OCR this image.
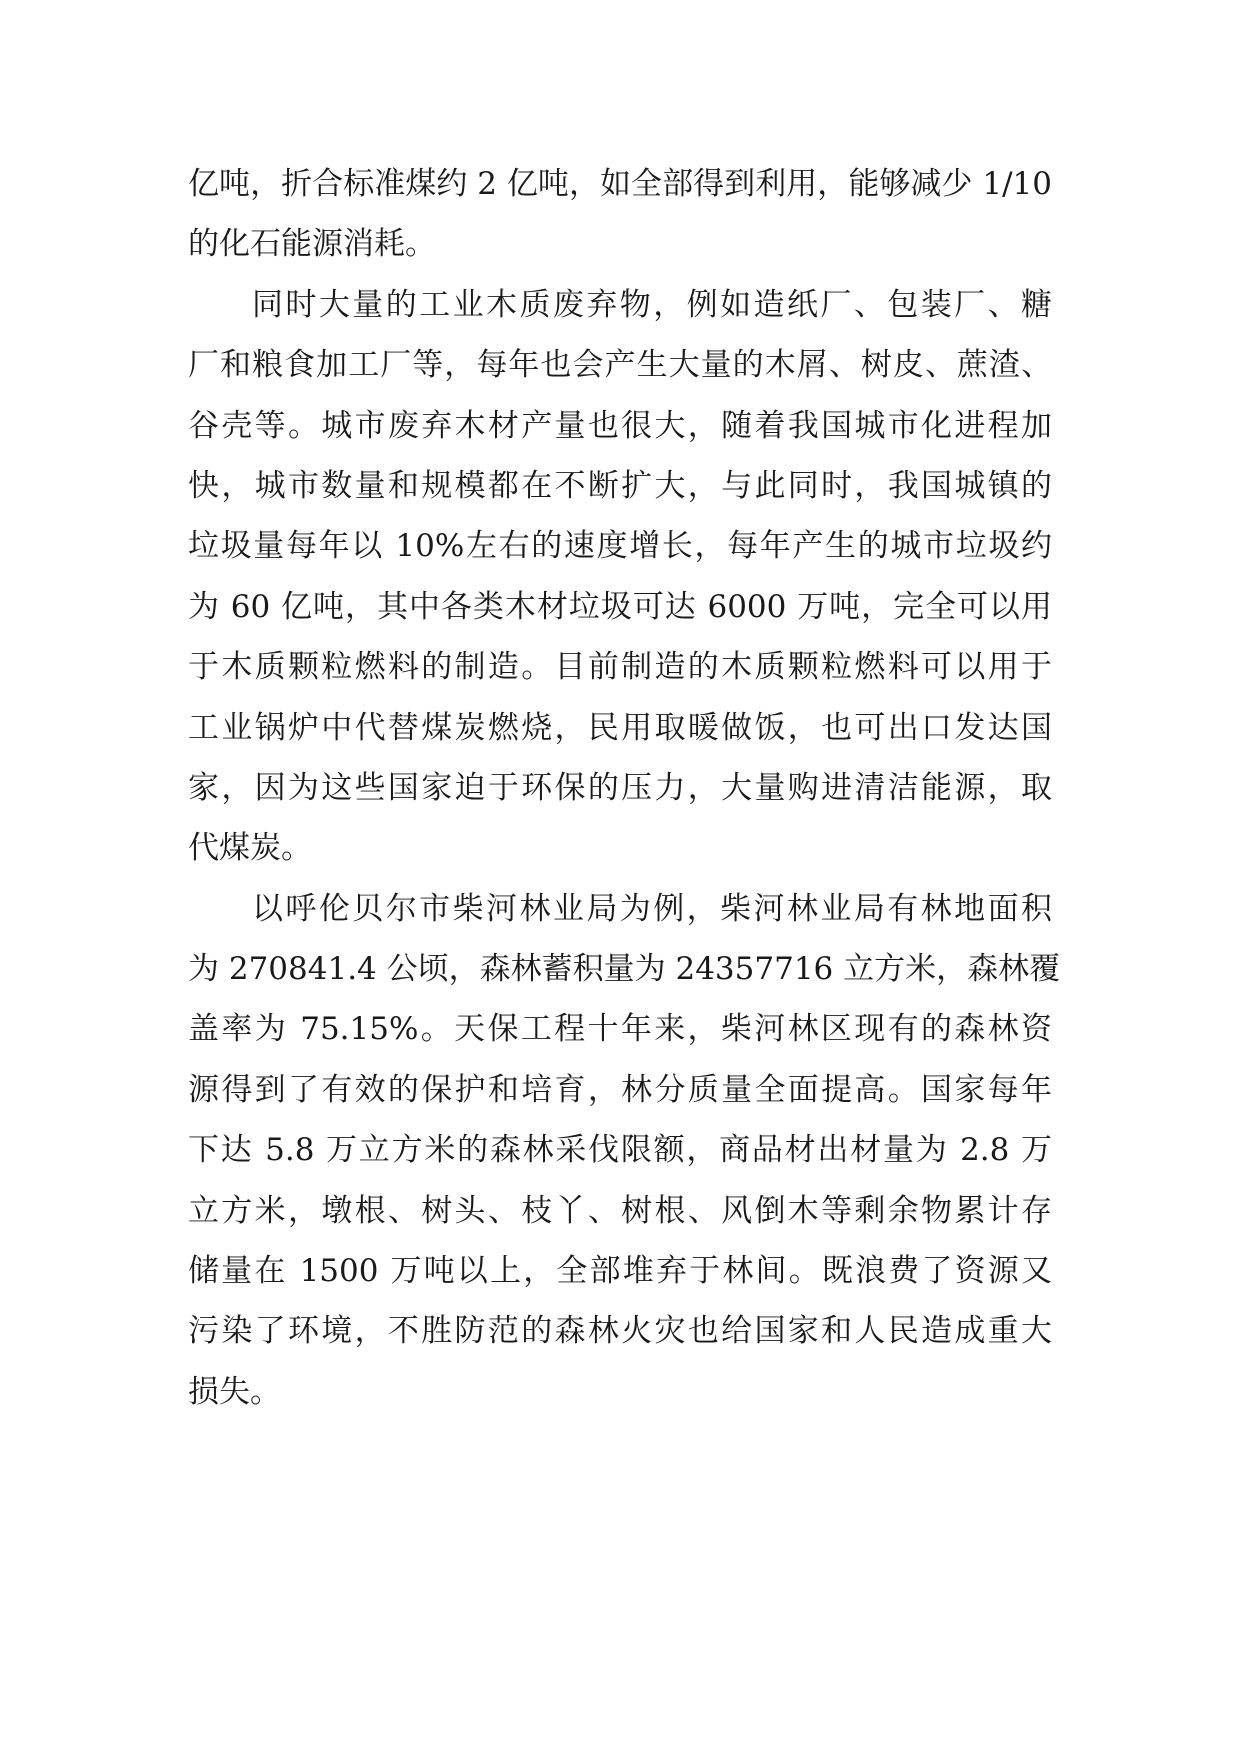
亿吨，折合标准煤约 2 亿吨，如全部得到利用，能够减少 1/10
的化石能源消耗。
同时大量的工业木质废弃物，例如造纸厂、包装厂、糖
厂和粮食加工厂等，每年也会产生大量的木屑、树皮、蔗渣、
谷壳等。城市废弃木材产量也很大，随着我国城市化进程加
快，城市数量和规模都在不断扩大，与此同时，我国城镇的
垃圾量每年以 10%左右的速度增长，每年产生的城市垃圾约
为 60 亿吨，其中各类木材垃圾可达 6000 万吨，完全可以用
于木质颗粒燃料的制造。目前制造的木质颗粒燃料可以用于
工业锅炉中代替煤炭燃烧，民用取暖做饭，也可出口发达国
家，因为这些国家迫于环保的压力，大量购进清洁能源，取
代煤炭。
以呼伦贝尔市柴河林业局为例，柴河林业局有林地面积
为 270841.4 公顷，森林蓄积量为 24357716 立方米，森林覆
盖率为 75.15%。天保工程十年来，柴河林区现有的森林资
源得到了有效的保护和培育，林分质量全面提高。国家每年
下达 5.8 万立方米的森林采伐限额，商品材出材量为 2.8 万
立方米，墩根、树头、枝丫、树根、风倒木等剩余物累计存
储量在 1500 万吨以上，全部堆弃于林间。既浪费了资源又
污染了环境，不胜防范的森林火灾也给国家和人民造成重大
损失。
